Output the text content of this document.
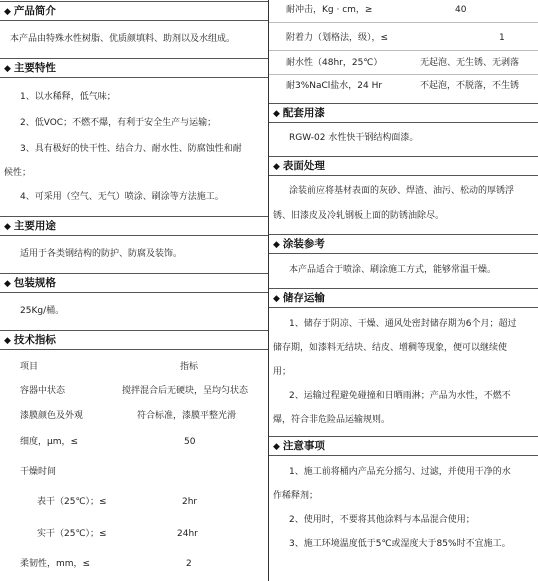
◆ 产品简介
本产品由特殊水性树脂、优质颜填料、助剂以及水组成。
◆ 主要特性
1、以水稀释，低气味；
2、低VOC；不燃不爆，有利于安全生产与运输；
3、具有极好的快干性、结合力、耐水性、防腐蚀性和耐
候性；
4、可采用（空气、无气）喷涂、刷涂等方法施工。
◆ 主要用途
适用于各类钢结构的防护、防腐及装饰。
◆ 包装规格
25Kg/桶。
◆ 技术指标
项目	指标
容器中状态	搅拌混合后无硬块，呈均匀状态
漆膜颜色及外观	符合标准，漆膜平整光滑
细度，μm，≤	50
干燥时间
表干（25℃）；≤	2hr
实干（25℃）；≤	24hr
柔韧性，mm，≤	2
耐冲击，Kg · cm，≥	40
附着力（划格法，级），≤	1
耐水性（48hr，25℃）	无起泡、无生锈、无剥落
耐3%NaCl盐水，24 Hr	不起泡，不脱落，不生锈
◆ 配套用漆
RGW-02 水性快干钢结构面漆。
◆ 表面处理
涂装前应将基材表面的灰砂、焊渣、油污、松动的厚锈浮
锈、旧漆皮及冷轧钢板上面的防锈油除尽。
◆ 涂装参考
本产品适合于喷涂、刷涂施工方式，能够常温干燥。
◆ 储存运输
1、储存于阴凉、干燥、通风处密封储存期为6个月；超过
储存期，如漆料无结块、结皮、增稠等现象，便可以继续使
用；
2、运输过程避免碰撞和日晒雨淋；产品为水性，不燃不
爆，符合非危险品运输规则。
◆ 注意事项
1、施工前将桶内产品充分摇匀、过滤，并使用干净的水
作稀释剂；
2、使用时，不要将其他涂料与本品混合使用；
3、施工环境温度低于5℃或湿度大于85%时不宜施工。
